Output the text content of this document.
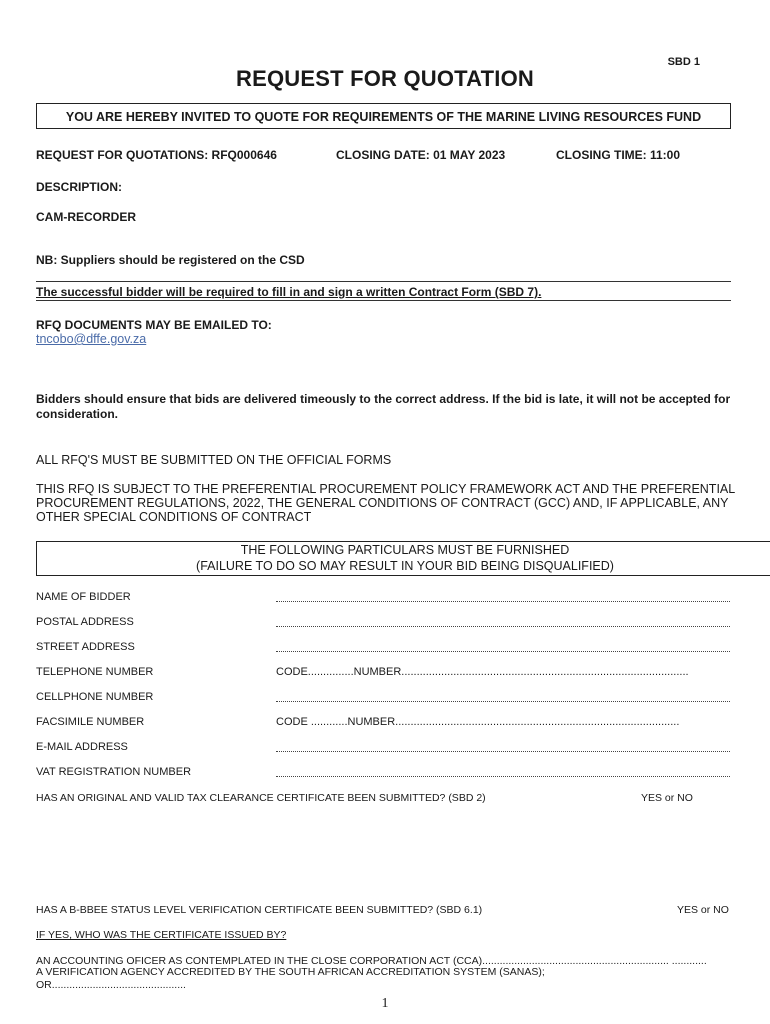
SBD 1
REQUEST FOR QUOTATION
YOU ARE HEREBY INVITED TO QUOTE FOR REQUIREMENTS OF THE MARINE LIVING RESOURCES FUND
REQUEST FOR QUOTATIONS: RFQ000646	CLOSING DATE: 01 MAY 2023	CLOSING TIME: 11:00
DESCRIPTION:
CAM-RECORDER
NB: Suppliers should be registered on the CSD
The successful bidder will be required to fill in and sign a written Contract Form (SBD 7).
RFQ DOCUMENTS MAY BE EMAILED TO:
tncobo@dffe.gov.za
Bidders should ensure that bids are delivered timeously to the correct address. If the bid is late, it will not be accepted for consideration.
ALL RFQ'S MUST BE SUBMITTED ON THE OFFICIAL FORMS
THIS RFQ IS SUBJECT TO THE PREFERENTIAL PROCUREMENT POLICY FRAMEWORK ACT AND THE PREFERENTIAL PROCUREMENT REGULATIONS, 2022, THE GENERAL CONDITIONS OF CONTRACT (GCC) AND, IF APPLICABLE, ANY OTHER SPECIAL CONDITIONS OF CONTRACT
THE FOLLOWING PARTICULARS MUST BE FURNISHED
(FAILURE TO DO SO MAY RESULT IN YOUR BID BEING DISQUALIFIED)
NAME OF BIDDER
POSTAL ADDRESS
STREET ADDRESS
TELEPHONE NUMBER	CODE...............NUMBER..............................................................................................
CELLPHONE NUMBER
FACSIMILE NUMBER	CODE ............NUMBER.............................................................................................
E-MAIL ADDRESS
VAT REGISTRATION NUMBER
HAS AN ORIGINAL AND VALID TAX CLEARANCE CERTIFICATE BEEN SUBMITTED? (SBD 2)	YES or NO
HAS A B-BBEE STATUS LEVEL VERIFICATION CERTIFICATE BEEN SUBMITTED? (SBD 6.1)	YES or NO
IF YES, WHO WAS THE CERTIFICATE ISSUED BY?
AN ACCOUNTING OFICER AS CONTEMPLATED IN THE CLOSE CORPORATION ACT (CCA)................................................................ ............
A VERIFICATION AGENCY ACCREDITED BY THE SOUTH AFRICAN ACCREDITATION SYSTEM (SANAS);
OR..............................................
1
